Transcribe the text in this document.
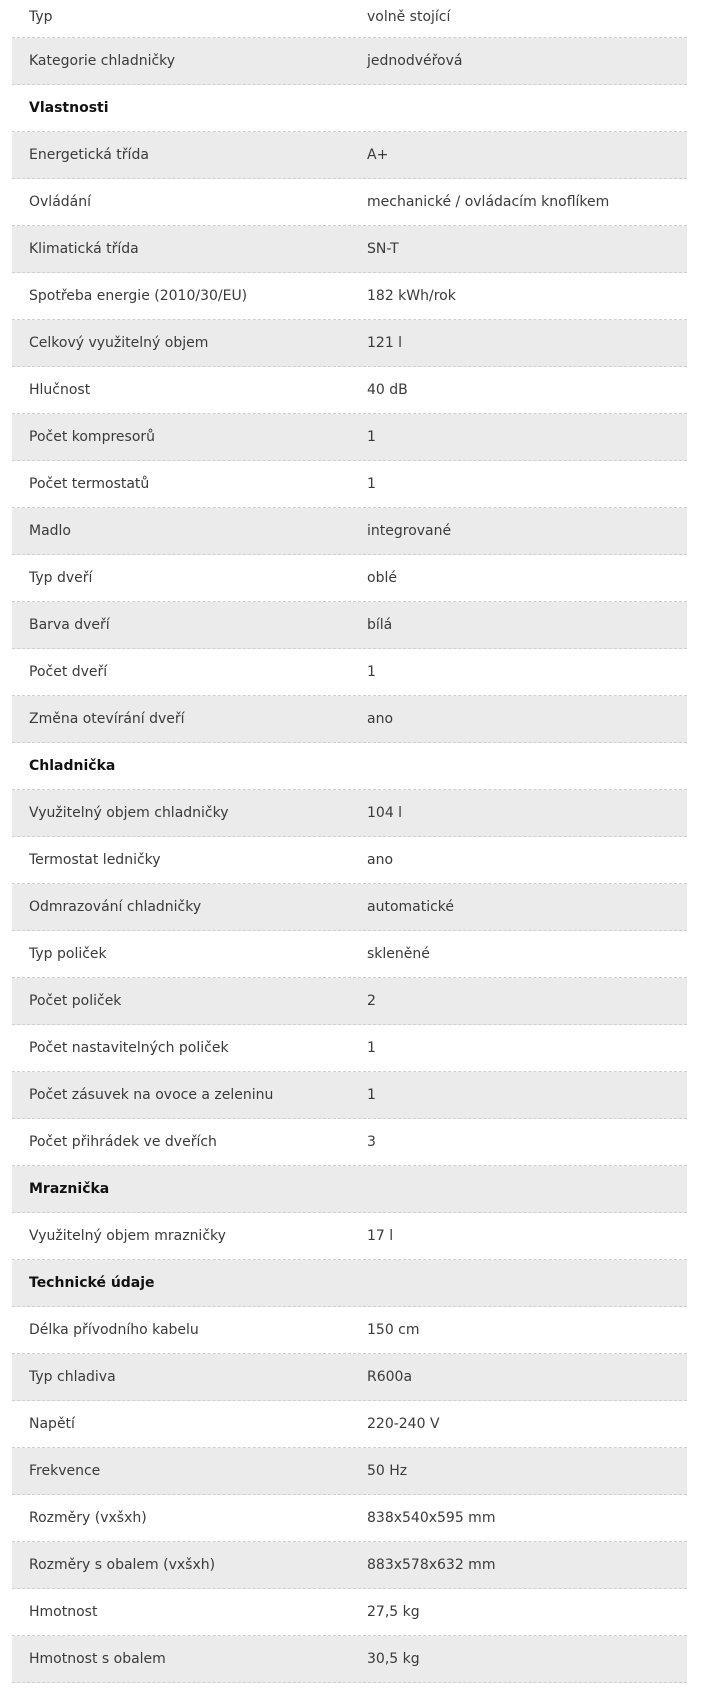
Typ	volně stojící
Kategorie chladničky	jednodvéřová
Vlastnosti
Energetická třída	A+
Ovládání	mechanické / ovládacím knoflíkem
Klimatická třída	SN-T
Spotřeba energie (2010/30/EU)	182 kWh/rok
Celkový využitelný objem	121 l
Hlučnost	40 dB
Počet kompresorů	1
Počet termostatů	1
Madlo	integrované
Typ dveří	oblé
Barva dveří	bílá
Počet dveří	1
Změna otevírání dveří	ano
Chladnička
Využitelný objem chladničky	104 l
Termostat ledničky	ano
Odmrazování chladničky	automatické
Typ poliček	skleněné
Počet poliček	2
Počet nastavitelných poliček	1
Počet zásuvek na ovoce a zeleninu	1
Počet přihrádek ve dveřích	3
Mraznička
Využitelný objem mrazničky	17 l
Technické údaje
Délka přívodního kabelu	150 cm
Typ chladiva	R600a
Napětí	220-240 V
Frekvence	50 Hz
Rozměry (vxšxh)	838x540x595 mm
Rozměry s obalem (vxšxh)	883x578x632 mm
Hmotnost	27,5 kg
Hmotnost s obalem	30,5 kg
